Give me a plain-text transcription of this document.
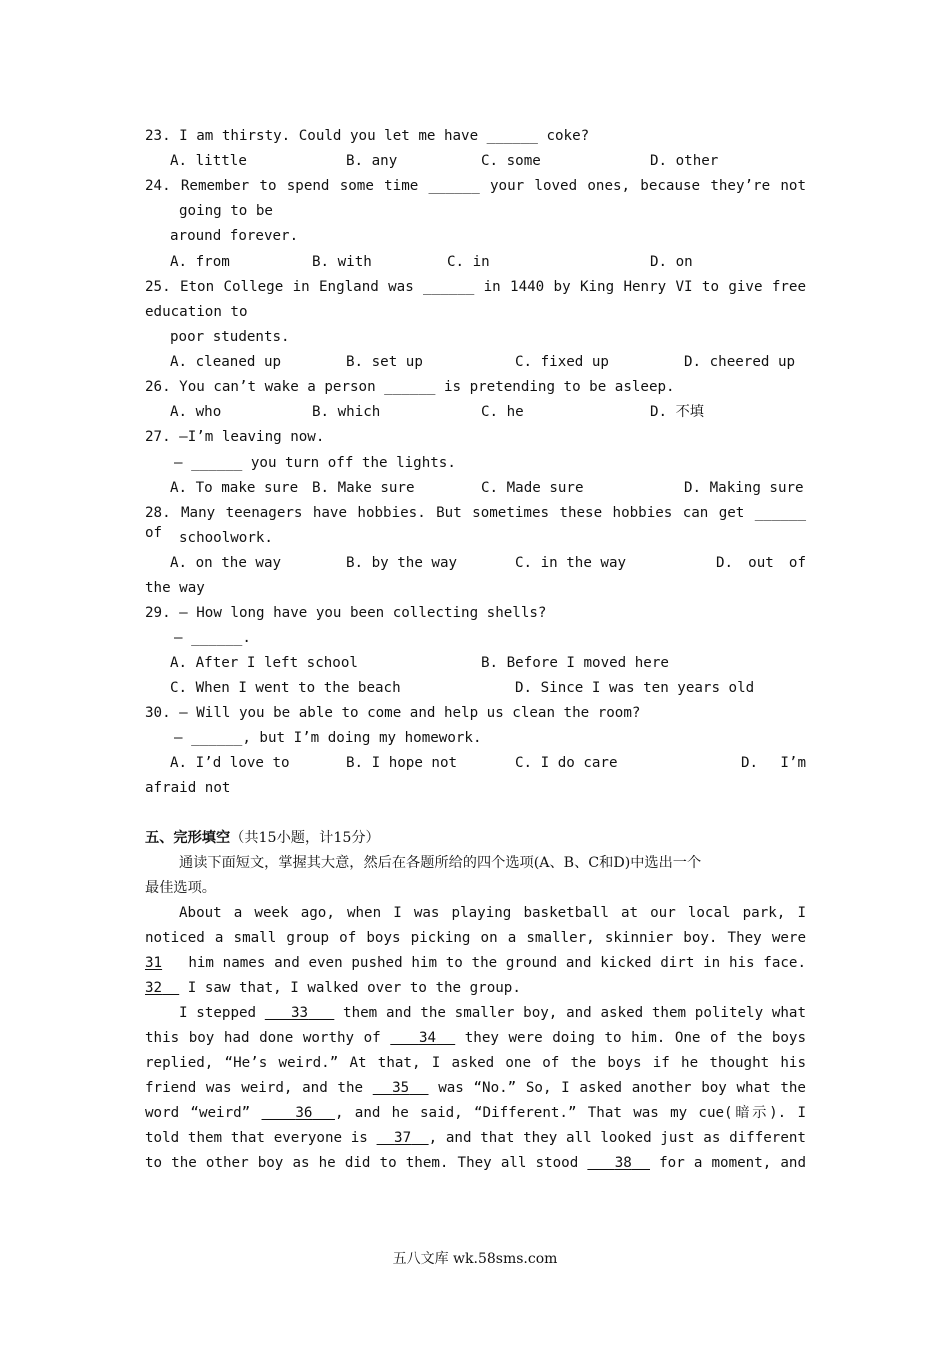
23. I am thirsty. Could you let me have ______ coke?
A. little	B. any	C. some	D. other
24. Remember to spend some time ______ your loved ones, because they’re not
going to be
around forever.
A. from	B. with	C. in	D. on
25. Eton College in England was ______ in 1440 by King Henry VI to give free
education to
poor students.
A. cleaned up	B. set up	C. fixed up	D. cheered up
26. You can’t wake a person ______ is pretending to be asleep.
A. who	B. which	C. he	D. 不填
27. —I’m leaving now.
— ______ you turn off the lights.
A. To make sure B. Make sure	C. Made sure	D. Making sure
28. Many teenagers have hobbies. But sometimes these hobbies can get ______ of	schoolwork.
A. on the way	B. by the way	C. in the way	D. out of
the way
29. — How long have you been collecting shells?
— ______.
A. After I left school	B. Before I moved here
C. When I went to the beach	D. Since I was ten years old
30. — Will you be able to come and help us clean the room?
— ______, but I’m doing my homework.
A. I’d love to	B. I hope not	C. I do care	D. I’m
afraid not
五、完形填空（共15小题，计15分）
通读下面短文，掌握其大意，然后在各题所给的四个选项(A、B、C和D)中选出一个
最佳选项。
About a week ago, when I was playing basketball at our local park, I
noticed a small group of boys picking on a smaller, skinnier boy. They were
31 him names and even pushed him to the ground and kicked dirt in his face.
32 I saw that, I walked over to the group.
I stepped 33 them and the smaller boy, and asked them politely what
this boy had done worthy of	34 they were doing to him. One of the boys
replied, “He’s weird.” At that, I asked one of the boys if he thought his
friend was weird, and the 35 was “No.” So, I asked another boy what the
word “weird”	36 , and he said, “Different.” That was my cue(暗示). I
told them that everyone is 37 , and that they all looked just as different
to the other boy as he did to them. They all stood	38 for a moment, and
五八文库 wk.58sms.com
